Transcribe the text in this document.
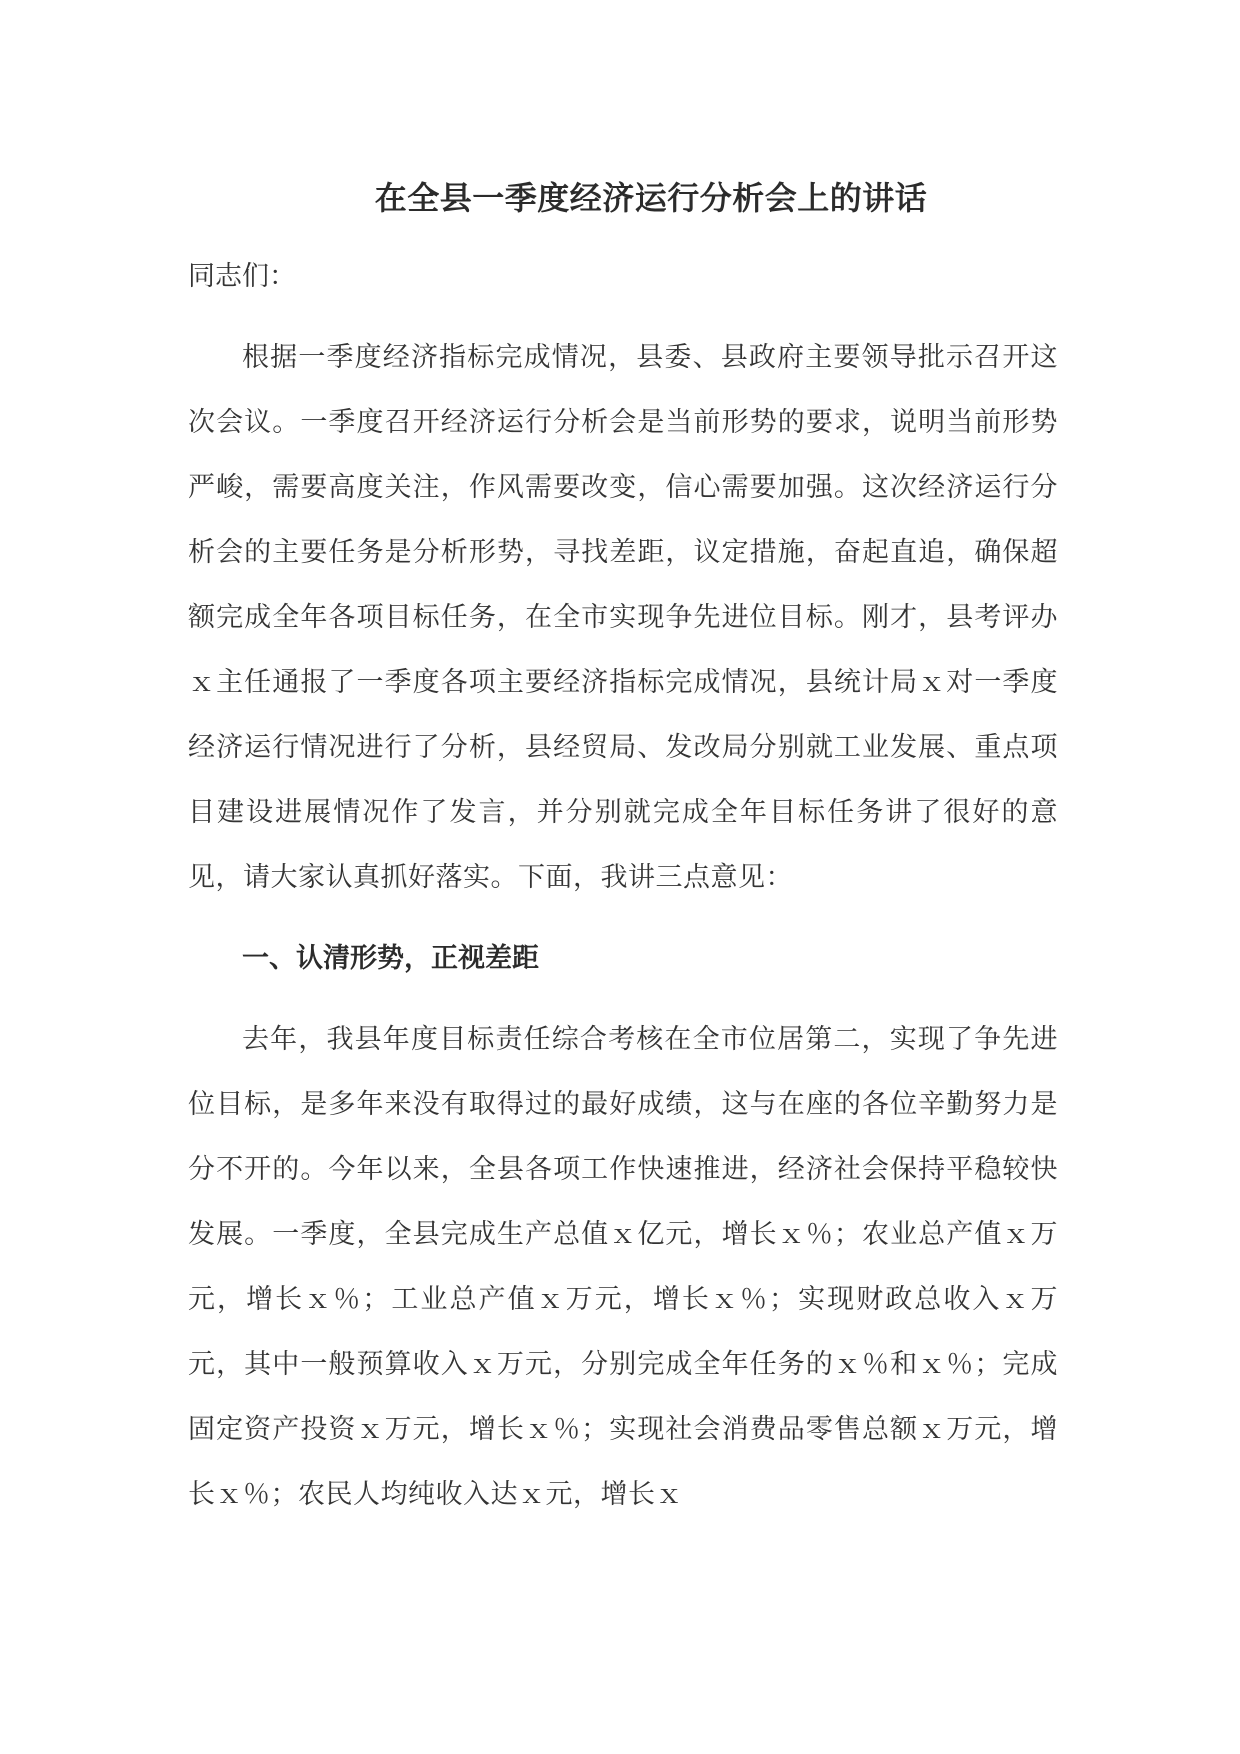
在全县一季度经济运行分析会上的讲话

同志们：

根据一季度经济指标完成情况，县委、县政府主要领导批示召开这次会议。一季度召开经济运行分析会是当前形势的要求，说明当前形势严峻，需要高度关注，作风需要改变，信心需要加强。这次经济运行分析会的主要任务是分析形势，寻找差距，议定措施，奋起直追，确保超额完成全年各项目标任务，在全市实现争先进位目标。刚才，县考评办ｘ主任通报了一季度各项主要经济指标完成情况，县统计局ｘ对一季度经济运行情况进行了分析，县经贸局、发改局分别就工业发展、重点项目建设进展情况作了发言，并分别就完成全年目标任务讲了很好的意见，请大家认真抓好落实。下面，我讲三点意见：

一、认清形势，正视差距

去年，我县年度目标责任综合考核在全市位居第二，实现了争先进位目标，是多年来没有取得过的最好成绩，这与在座的各位辛勤努力是分不开的。今年以来，全县各项工作快速推进，经济社会保持平稳较快发展。一季度，全县完成生产总值ｘ亿元，增长ｘ％；农业总产值ｘ万元，增长ｘ％；工业总产值ｘ万元，增长ｘ％；实现财政总收入ｘ万元，其中一般预算收入ｘ万元，分别完成全年任务的ｘ％和ｘ％；完成固定资产投资ｘ万元，增长ｘ％；实现社会消费品零售总额ｘ万元，增长ｘ％；农民人均纯收入达ｘ元，增长ｘ
